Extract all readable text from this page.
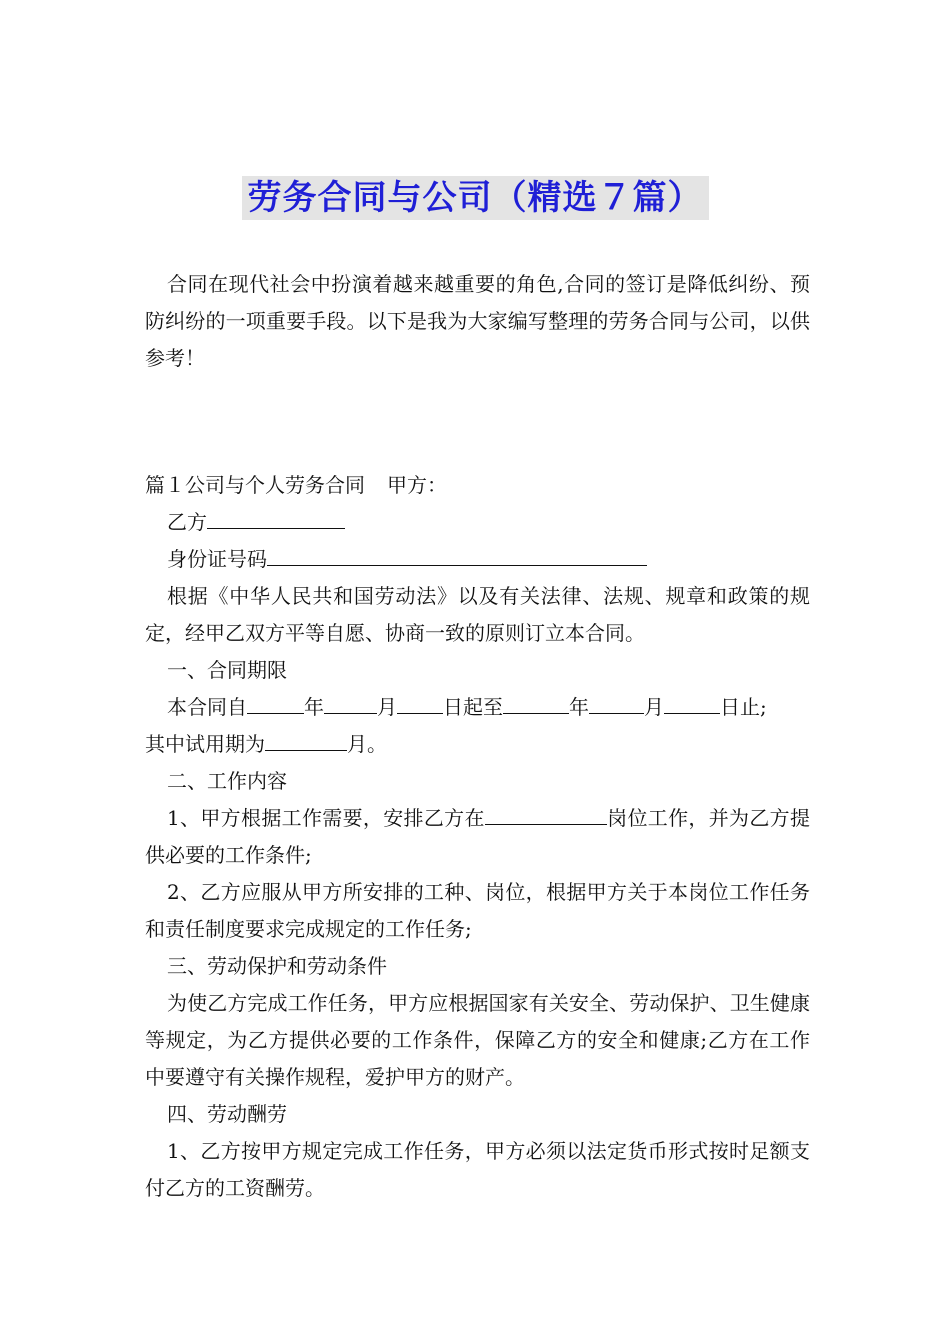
劳务合同与公司（精选７篇）

合同在现代社会中扮演着越来越重要的角色,合同的签订是降低纠纷、预防纠纷的一项重要手段。以下是我为大家编写整理的劳务合同与公司，以供参考！

篇１公司与个人劳务合同 甲方：

乙方

身份证号码

根据《中华人民共和国劳动法》以及有关法律、法规、规章和政策的规定，经甲乙双方平等自愿、协商一致的原则订立本合同。

一、合同期限

本合同自	年	月 日起至	年	月	日止;

其中试用期为	月。

二、工作内容

1、甲方根据工作需要，安排乙方在	岗位工作，并为乙方提供必要的工作条件;

2、乙方应服从甲方所安排的工种、岗位，根据甲方关于本岗位工作任务和责任制度要求完成规定的工作任务;

三、劳动保护和劳动条件

为使乙方完成工作任务，甲方应根据国家有关安全、劳动保护、卫生健康等规定，为乙方提供必要的工作条件，保障乙方的安全和健康;乙方在工作中要遵守有关操作规程，爱护甲方的财产。

四、劳动酬劳

1、乙方按甲方规定完成工作任务，甲方必须以法定货币形式按时足额支付乙方的工资酬劳。
